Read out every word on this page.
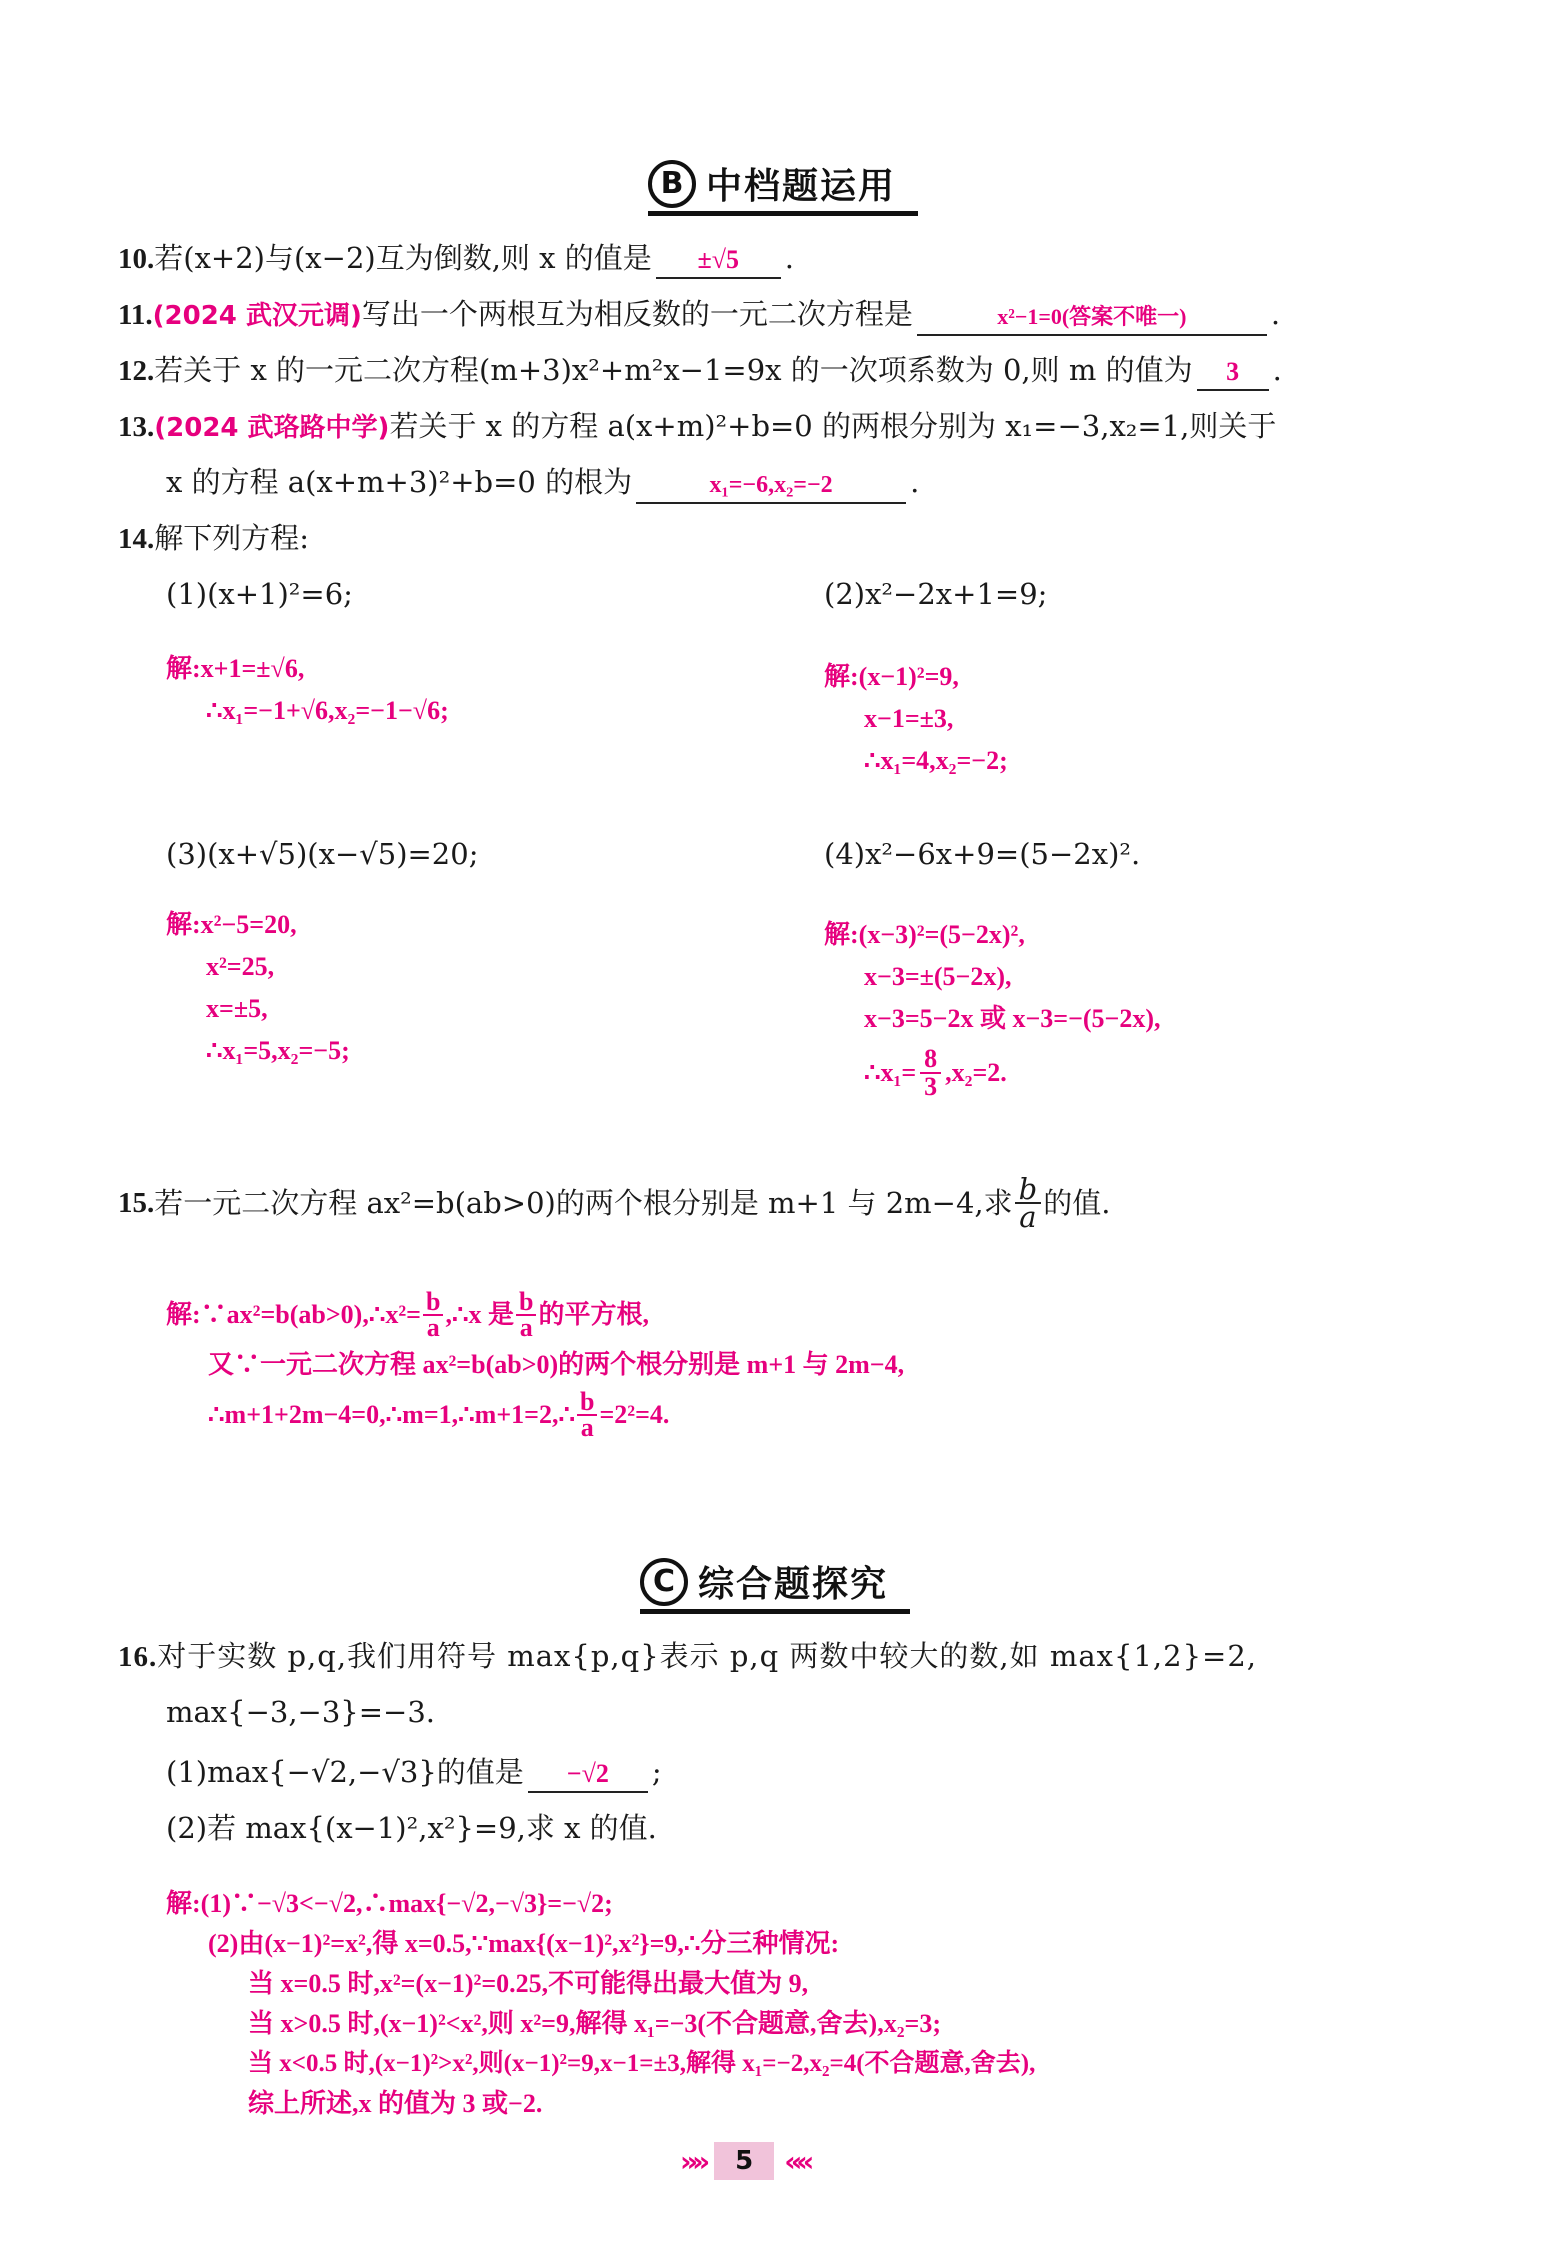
B 中档题运用
10.若(x+2)与(x−2)互为倒数,则 x 的值是 ±√5 .
11.(2024 武汉元调)写出一个两根互为相反数的一元二次方程是	x²−1=0(答案不唯一)	.
12.若关于 x 的一元二次方程(m+3)x²+m²x−1=9x 的一次项系数为 0,则 m 的值为 3 .
13.(2024 武珞路中学)若关于 x 的方程 a(x+m)²+b=0 的两根分别为 x₁=−3,x₂=1,则关于
x 的方程 a(x+m+3)²+b=0 的根为	x₁=−6,x₂=−2	.
14.解下列方程:
(1)(x+1)²=6;	(2)x²−2x+1=9;
解:x+1=±√6,
∴x₁=−1+√6,x₂=−1−√6;
解:(x−1)²=9,
x−1=±3,
∴x₁=4,x₂=−2;
(3)(x+√5)(x−√5)=20;	(4)x²−6x+9=(5−2x)².
解:x²−5=20,
x²=25,
x=±5,
∴x₁=5,x₂=−5;
解:(x−3)²=(5−2x)²,
x−3=±(5−2x),
x−3=5−2x 或 x−3=−(5−2x),
∴x₁= $\frac{8}{3} ,x_2=2$.
15. 若一元二次方程 ax²=b(ab>0)的两个根分别是 m+1 与 2m−4,求 $\frac{b}{a}$ 的值.
解:∵ax²=b(ab>0),∴x²= $\frac{b}{a}$ ,∴x 是 $\frac{b}{a}$ 的平方根,
又∵一元二次方程 ax²=b(ab>0)的两个根分别是 m+1 与 2m−4,
∴m+1+2m−4=0,∴m=1,∴m+1=2,∴ $\frac{b}{a} =2^2=4$.
C 综合题探究
16.对于实数 p,q,我们用符号 max{p,q}表示 p,q 两数中较大的数,如 max{1,2}=2,
max{−3,−3}=−3.
(1)max{−√2,−√3}的值是 −√2 ;
(2)若 max{(x−1)²,x²}=9,求 x 的值.
解:(1)∵−√3<−√2,∴max{−√2,−√3}=−√2;
(2)由(x−1)²=x²,得 x=0.5,∵max{(x−1)²,x²}=9,∴分三种情况:
当 x=0.5 时,x²=(x−1)²=0.25,不可能得出最大值为 9,
当 x>0.5 时,(x−1)²<x²,则 x²=9,解得 x₁=−3(不合题意,舍去),x₂=3;
当 x<0.5 时,(x−1)²>x²,则(x−1)²=9,x−1=±3,解得 x₁=−2,x₂=4(不合题意,舍去),
综上所述,x 的值为 3 或−2.
»»	5	««
